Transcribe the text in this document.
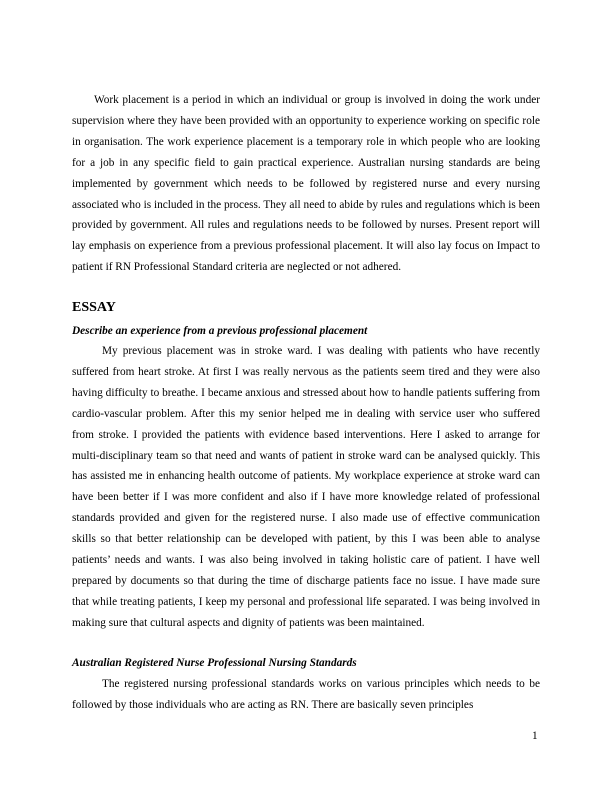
Work placement is a period in which an individual or group is involved in doing the work under supervision where they have been provided with an opportunity to experience working on specific role in organisation. The work experience placement is a temporary role in which people who are looking for a job in any specific field to gain practical experience. Australian nursing standards are being implemented by government which needs to be followed by registered nurse and every nursing associated who is included in the process. They all need to abide by rules and regulations which is been provided by government. All rules and regulations needs to be followed by nurses. Present report will lay emphasis on experience from a previous professional placement. It will also lay focus on Impact to patient if RN Professional Standard criteria are neglected or not adhered.

ESSAY
Describe an experience from a previous professional placement

My previous placement was in stroke ward. I was dealing with patients who have recently suffered from heart stroke. At first I was really nervous as the patients seem tired and they were also having difficulty to breathe. I became anxious and stressed about how to handle patients suffering from cardio-vascular problem. After this my senior helped me in dealing with service user who suffered from stroke. I provided the patients with evidence based interventions. Here I asked to arrange for multi-disciplinary team so that need and wants of patient in stroke ward can be analysed quickly. This has assisted me in enhancing health outcome of patients. My workplace experience at stroke ward can have been better if I was more confident and also if I have more knowledge related of professional standards provided and given for the registered nurse. I also made use of effective communication skills so that better relationship can be developed with patient, by this I was been able to analyse patients’ needs and wants. I was also being involved in taking holistic care of patient. I have well prepared by documents so that during the time of discharge patients face no issue. I have made sure that while treating patients, I keep my personal and professional life separated. I was being involved in making sure that cultural aspects and dignity of patients was been maintained.

Australian Registered Nurse Professional Nursing Standards

The registered nursing professional standards works on various principles which needs to be followed by those individuals who are acting as RN. There are basically seven principles

1
